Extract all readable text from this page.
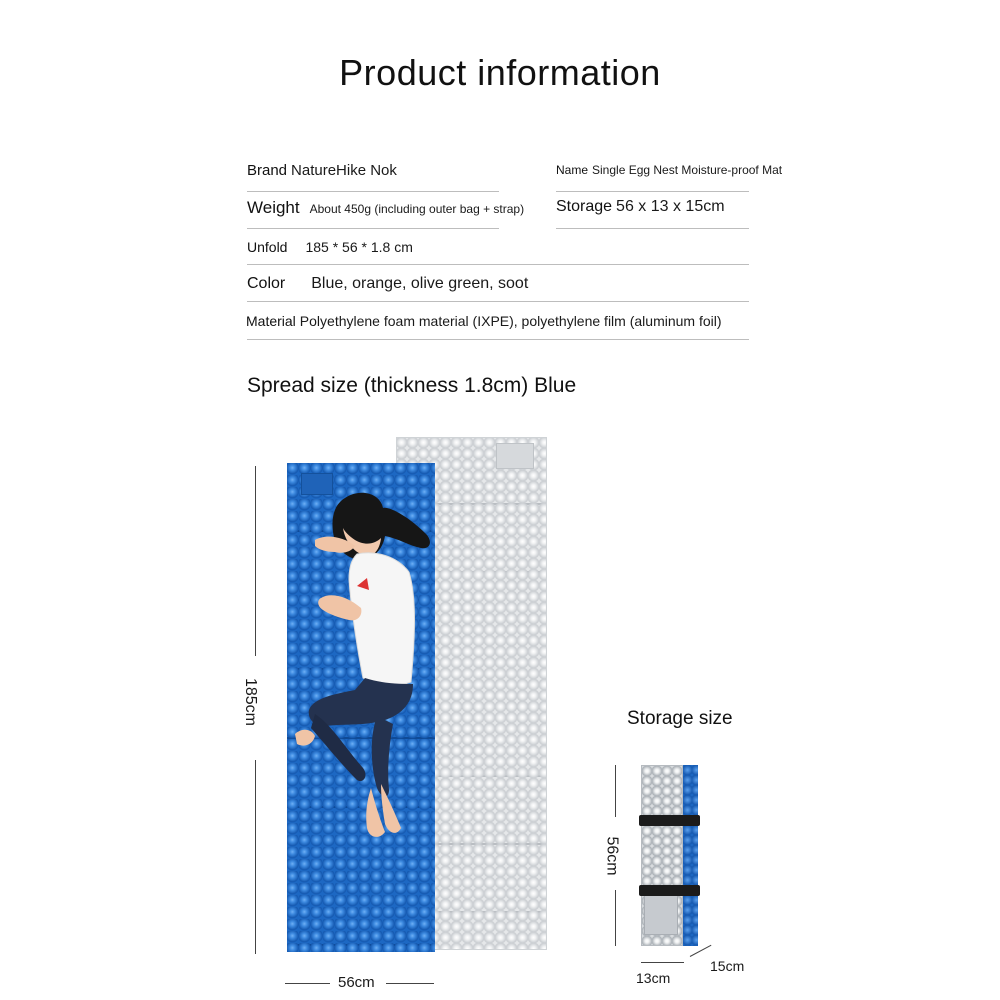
Product information
Brand NatureHike Nok	Name Single Egg Nest Moisture-proof Mat
Weight About 450g (including outer bag + strap) Storage 56 x 13 x 15cm
Unfold 185 * 56 * 1.8 cm
Color Blue, orange, olive green, soot
Material Polyethylene foam material (IXPE), polyethylene film (aluminum foil)
Spread size (thickness 1.8cm) Blue
185cm
56cm
Storage size
56cm
13cm
15cm
